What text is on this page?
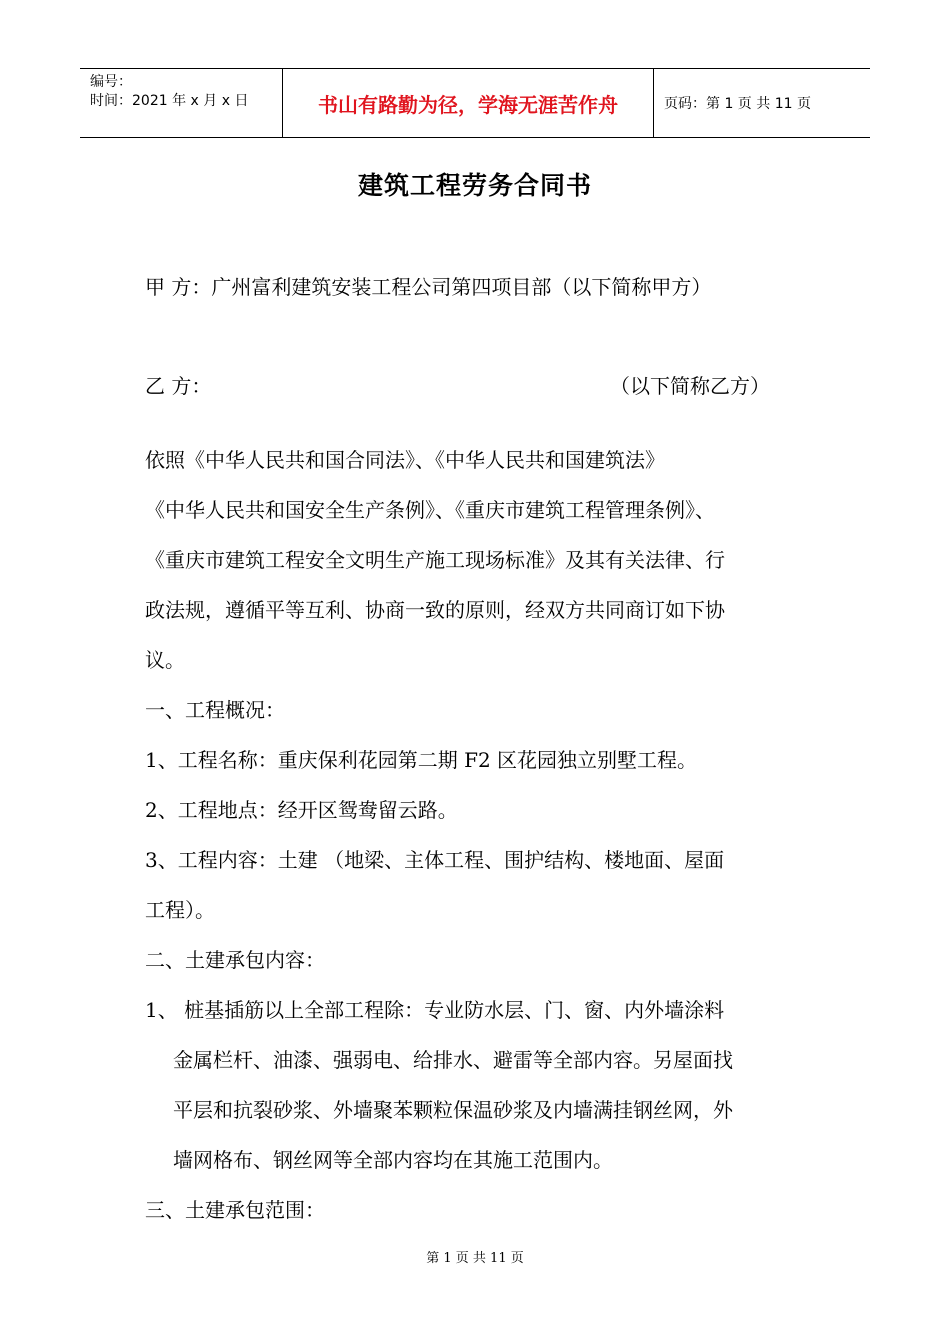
编号：
时间：2021 年 x 月 x 日	书山有路勤为径，学海无涯苦作舟	页码：第 1 页 共 11 页
建筑工程劳务合同书
甲 方：广州富利建筑安装工程公司第四项目部（以下简称甲方）
乙 方：	（以下简称乙方）
依照《中华人民共和国合同法》、《中华人民共和国建筑法》
《中华人民共和国安全生产条例》、《重庆市建筑工程管理条例》、
《重庆市建筑工程安全文明生产施工现场标准》及其有关法律、行
政法规，遵循平等互利、协商一致的原则，经双方共同商订如下协
议。
一、工程概况：
1、工程名称：重庆保利花园第二期 F2 区花园独立别墅工程。
2、工程地点：经开区鸳鸯留云路。
3、工程内容：土建 （地梁、主体工程、围护结构、楼地面、屋面
工程）。
二、土建承包内容：
1、 桩基插筋以上全部工程除：专业防水层、门、窗、内外墙涂料
金属栏杆、油漆、强弱电、给排水、避雷等全部内容。另屋面找
平层和抗裂砂浆、外墙聚苯颗粒保温砂浆及内墙满挂钢丝网，外
墙网格布、钢丝网等全部内容均在其施工范围内。
三、土建承包范围：
第 1 页 共 11 页
